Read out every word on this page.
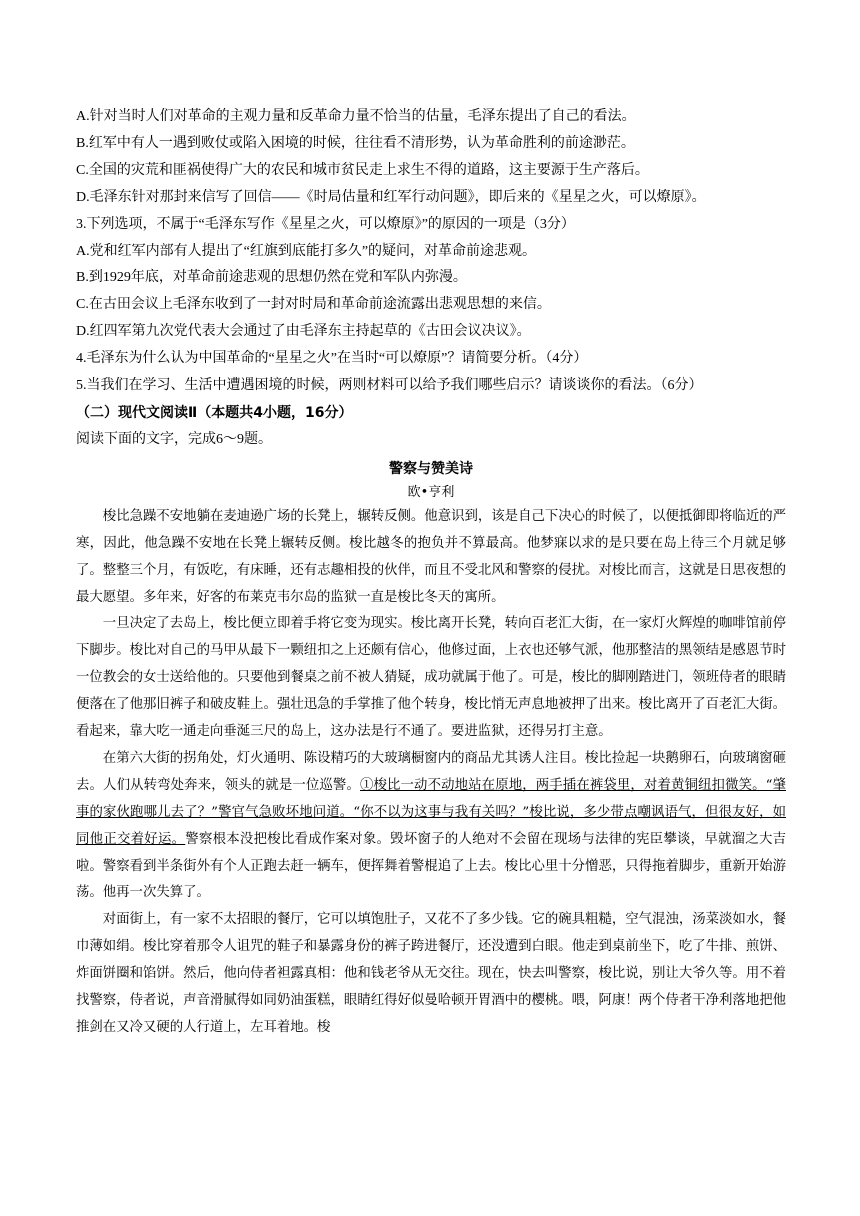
A.针对当时人们对革命的主观力量和反革命力量不恰当的估量，毛泽东提出了自己的看法。
B.红军中有人一遇到败仗或陷入困境的时候，往往看不清形势，认为革命胜利的前途渺茫。
C.全国的灾荒和匪祸使得广大的农民和城市贫民走上求生不得的道路，这主要源于生产落后。
D.毛泽东针对那封来信写了回信——《时局估量和红军行动问题》，即后来的《星星之火，可以燎原》。
3.下列选项，不属于“毛泽东写作《星星之火，可以燎原》”的原因的一项是（3分）
A.党和红军内部有人提出了“红旗到底能打多久”的疑问，对革命前途悲观。
B.到1929年底，对革命前途悲观的思想仍然在党和军队内弥漫。
C.在古田会议上毛泽东收到了一封对时局和革命前途流露出悲观思想的来信。
D.红四军第九次党代表大会通过了由毛泽东主持起草的《古田会议决议》。
4.毛泽东为什么认为中国革命的“星星之火”在当时“可以燎原”？请简要分析。（4分）
5.当我们在学习、生活中遭遇困境的时候，两则材料可以给予我们哪些启示？请谈谈你的看法。（6分）
（二）现代文阅读Ⅱ（本题共4小题，16分）
阅读下面的文字，完成6～9题。
警察与赞美诗
欧•亨利

梭比急躁不安地躺在麦迪逊广场的长凳上，辗转反侧。他意识到，该是自己下决心的时候了，以便抵御即将临近的严寒，因此，他急躁不安地在长凳上辗转反侧。梭比越冬的抱负并不算最高。他梦寐以求的是只要在岛上待三个月就足够了。整整三个月，有饭吃，有床睡，还有志趣相投的伙伴，而且不受北风和警察的侵扰。对梭比而言，这就是日思夜想的最大愿望。多年来，好客的布莱克韦尔岛的监狱一直是梭比冬天的寓所。

一旦决定了去岛上，梭比便立即着手将它变为现实。梭比离开长凳，转向百老汇大街，在一家灯火辉煌的咖啡馆前停下脚步。梭比对自己的马甲从最下一颗纽扣之上还颇有信心，他修过面，上衣也还够气派，他那整洁的黑领结是感恩节时一位教会的女士送给他的。只要他到餐桌之前不被人猜疑，成功就属于他了。可是，梭比的脚刚踏进门，领班侍者的眼睛便落在了他那旧裤子和破皮鞋上。强壮迅急的手掌推了他个转身，梭比悄无声息地被押了出来。梭比离开了百老汇大街。看起来，靠大吃一通走向垂涎三尺的岛上，这办法是行不通了。要进监狱，还得另打主意。

在第六大街的拐角处，灯火通明、陈设精巧的大玻璃橱窗内的商品尤其诱人注目。梭比捡起一块鹅卵石，向玻璃窗砸去。人们从转弯处奔来，领头的就是一位巡警。①梭比一动不动地站在原地，两手插在裤袋里，对着黄铜纽扣微笑。“肇事的家伙跑哪儿去了？”警官气急败坏地问道。“你不以为这事与我有关吗？”梭比说，多少带点嘲讽语气，但很友好，如同他正交着好运。警察根本没把梭比看成作案对象。毁坏窗子的人绝对不会留在现场与法律的宪臣攀谈，早就溜之大吉啦。警察看到半条街外有个人正跑去赶一辆车，便挥舞着警棍追了上去。梭比心里十分憎恶，只得拖着脚步，重新开始游荡。他再一次失算了。

对面街上，有一家不太招眼的餐厅，它可以填饱肚子，又花不了多少钱。它的碗具粗糙，空气混浊，汤菜淡如水，餐巾薄如绢。梭比穿着那令人诅咒的鞋子和暴露身份的裤子跨进餐厅，还没遭到白眼。他走到桌前坐下，吃了牛排、煎饼、炸面饼圈和馅饼。然后，他向侍者袒露真相：他和钱老爷从无交往。现在，快去叫警察，梭比说，别让大爷久等。用不着找警察，侍者说，声音滑腻得如同奶油蛋糕，眼睛红得好似曼哈顿开胃酒中的樱桃。喂，阿康！两个侍者干净利落地把他推剑在又冷又硬的人行道上，左耳着地。梭
